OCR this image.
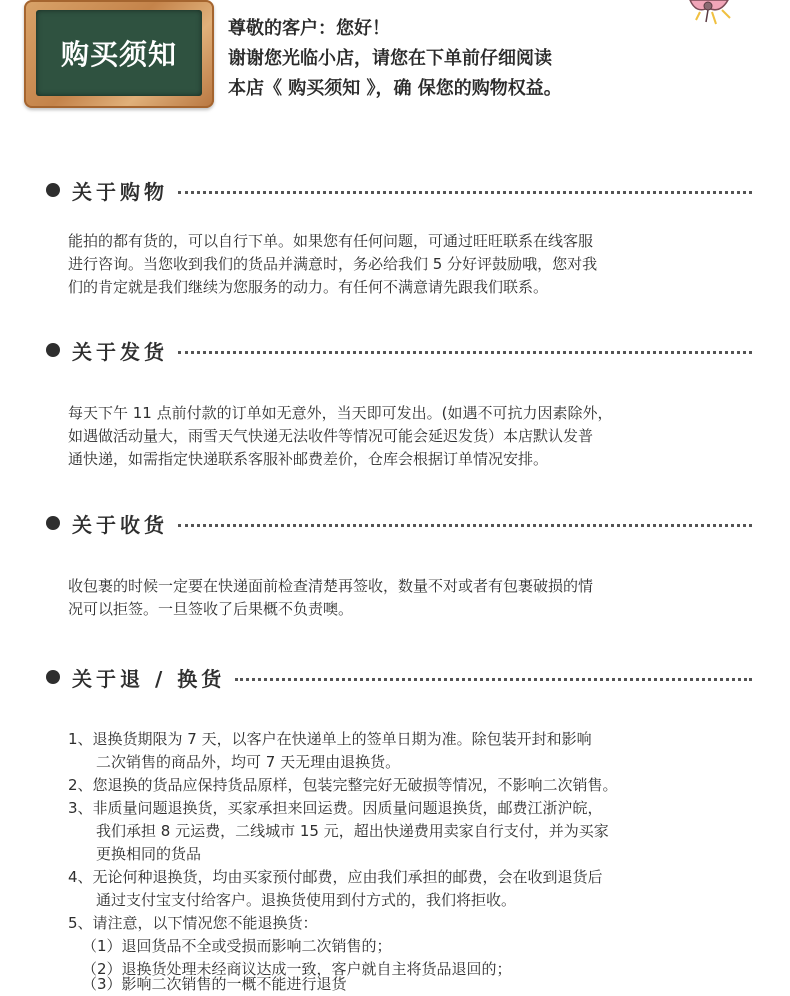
购买须知
尊敬的客户：您好！
谢谢您光临小店，请您在下单前仔细阅读
本店《 购买须知 》，确 保您的购物权益。
关于购物
能拍的都有货的，可以自行下单。如果您有任何问题，可通过旺旺联系在线客服
进行咨询。当您收到我们的货品并满意时，务必给我们 5 分好评鼓励哦，您对我
们的肯定就是我们继续为您服务的动力。有任何不满意请先跟我们联系。
关于发货
每天下午 11 点前付款的订单如无意外，当天即可发出。(如遇不可抗力因素除外，
如遇做活动量大，雨雪天气快递无法收件等情况可能会延迟发货）本店默认发普
通快递，如需指定快递联系客服补邮费差价，仓库会根据订单情况安排。
关于收货
收包裹的时候一定要在快递面前检查清楚再签收，数量不对或者有包裹破损的情
况可以拒签。一旦签收了后果概不负责噢。
关于退 / 换货
1、退换货期限为 7 天，以客户在快递单上的签单日期为准。除包装开封和影响
二次销售的商品外，均可 7 天无理由退换货。
2、您退换的货品应保持货品原样，包装完整完好无破损等情况，不影响二次销售。
3、非质量问题退换货，买家承担来回运费。因质量问题退换货，邮费江浙沪皖，
我们承担 8 元运费，二线城市 15 元，超出快递费用卖家自行支付，并为买家
更换相同的货品
4、无论何种退换货，均由买家预付邮费，应由我们承担的邮费，会在收到退货后
通过支付宝支付给客户。退换货使用到付方式的，我们将拒收。
5、请注意，以下情况您不能退换货：
（1）退回货品不全或受损而影响二次销售的；
（2）退换货处理未经商议达成一致，客户就自主将货品退回的；
（3）影响二次销售的一概不能进行退货
